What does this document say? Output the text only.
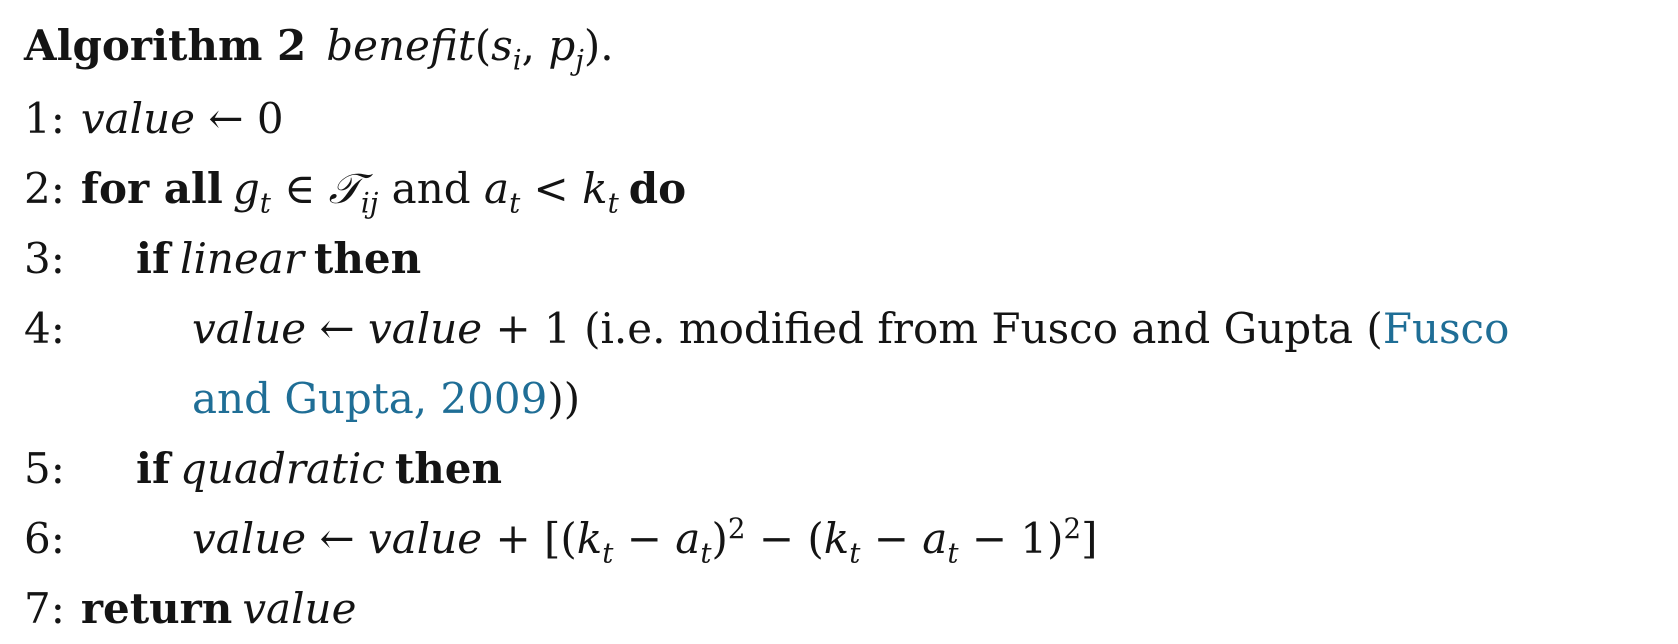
Algorithm 2 $benefit(s_i$, $p_j$).
1: value ← 0
2: for all $g_t$ ∈ 𝒯$_{ij}$ and $a_t < k_t$ do
3: if linear then
4:	value ← value + 1 (i.e. modified from Fusco and Gupta (Fusco
and Gupta, 2009))
5: if quadratic then
6:	value ← value + $[(k_t - a_t)^2 - (k_t - a_t - 1)^2]$
7: return value
